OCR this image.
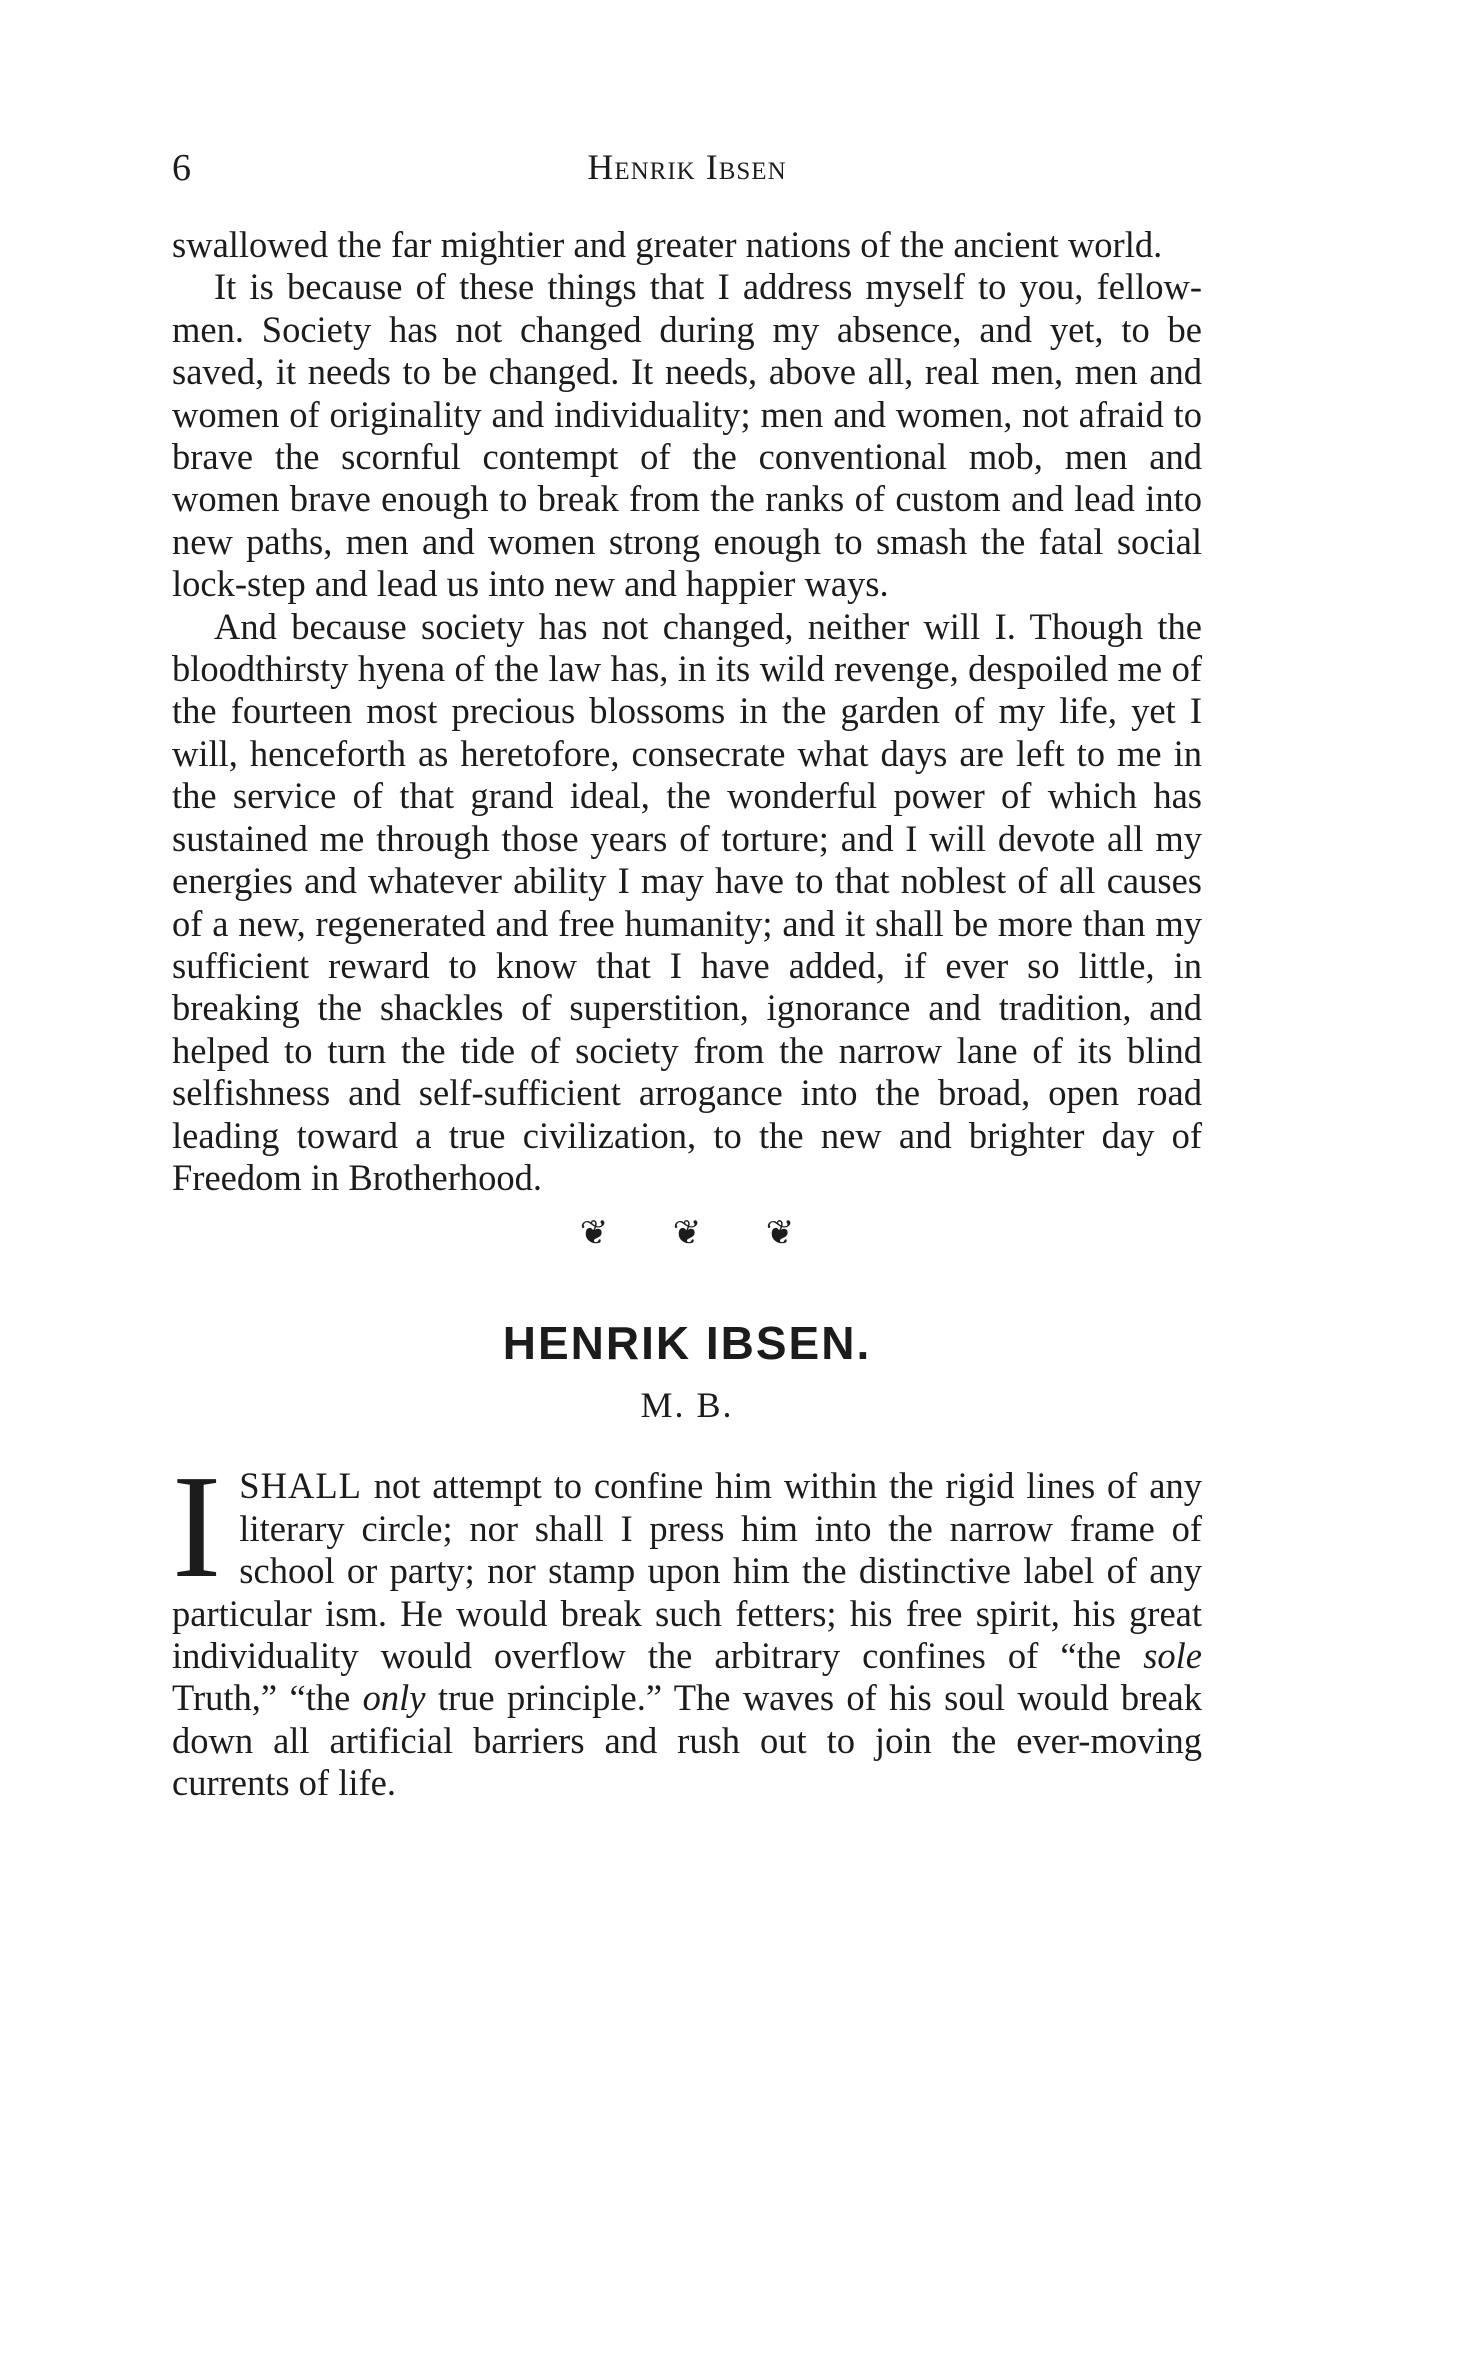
6	Henrik Ibsen

swallowed the far mightier and greater nations of the ancient world.

It is because of these things that I address myself to you, fellow-men. Society has not changed during my absence, and yet, to be saved, it needs to be changed. It needs, above all, real men, men and women of originality and individuality; men and women, not afraid to brave the scornful contempt of the conventional mob, men and women brave enough to break from the ranks of custom and lead into new paths, men and women strong enough to smash the fatal social lock-step and lead us into new and happier ways.

And because society has not changed, neither will I. Though the bloodthirsty hyena of the law has, in its wild revenge, despoiled me of the fourteen most precious blossoms in the garden of my life, yet I will, henceforth as heretofore, consecrate what days are left to me in the service of that grand ideal, the wonderful power of which has sustained me through those years of torture; and I will devote all my energies and whatever ability I may have to that noblest of all causes of a new, regenerated and free humanity; and it shall be more than my sufficient reward to know that I have added, if ever so little, in breaking the shackles of superstition, ignorance and tradition, and helped to turn the tide of society from the narrow lane of its blind selfishness and self-sufficient arrogance into the broad, open road leading toward a true civilization, to the new and brighter day of Freedom in Brotherhood.

❦ ❦ ❦
HENRIK IBSEN.
M. B.

ISHALL not attempt to confine him within the rigid lines of any literary circle; nor shall I press him into the narrow frame of school or party; nor stamp upon him the distinctive label of any particular ism. He would break such fetters; his free spirit, his great individuality would overflow the arbitrary confines of “the sole Truth,” “the only true principle.” The waves of his soul would break down all artificial barriers and rush out to join the ever-moving currents of life.
